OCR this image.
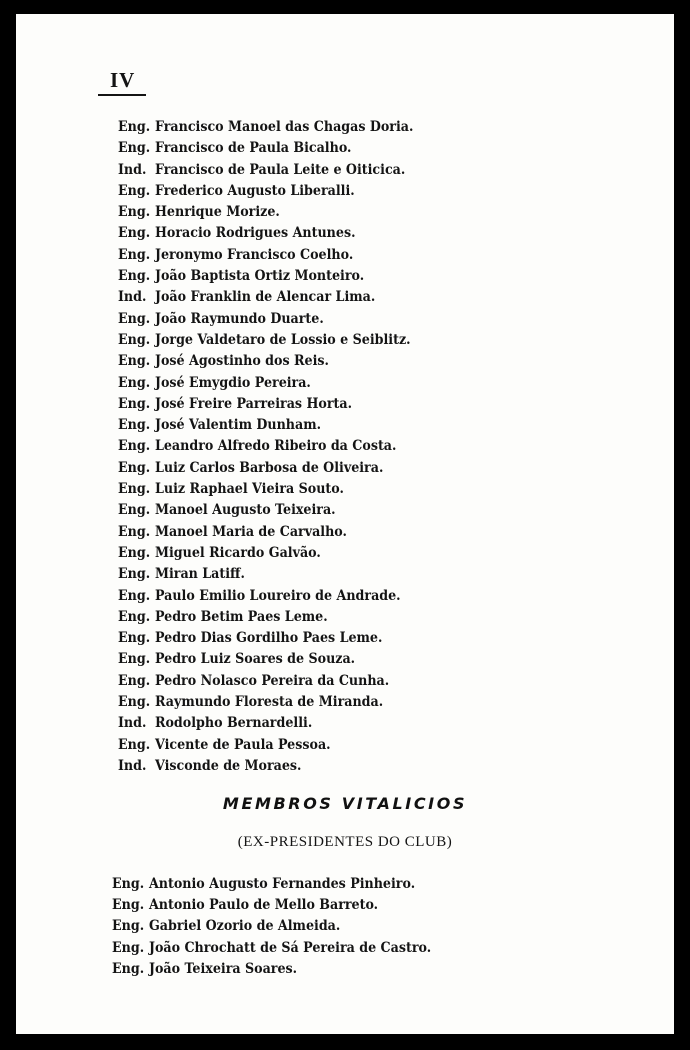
IV
Eng. Francisco Manoel das Chagas Doria.
Eng. Francisco de Paula Bicalho.
Ind. Francisco de Paula Leite e Oiticica.
Eng. Frederico Augusto Liberalli.
Eng. Henrique Morize.
Eng. Horacio Rodrigues Antunes.
Eng. Jeronymo Francisco Coelho.
Eng. João Baptista Ortiz Monteiro.
Ind. João Franklin de Alencar Lima.
Eng. João Raymundo Duarte.
Eng. Jorge Valdetaro de Lossio e Seiblitz.
Eng. José Agostinho dos Reis.
Eng. José Emygdio Pereira.
Eng. José Freire Parreiras Horta.
Eng. José Valentim Dunham.
Eng. Leandro Alfredo Ribeiro da Costa.
Eng. Luiz Carlos Barbosa de Oliveira.
Eng. Luiz Raphael Vieira Souto.
Eng. Manoel Augusto Teixeira.
Eng. Manoel Maria de Carvalho.
Eng. Miguel Ricardo Galvão.
Eng. Miran Latiff.
Eng. Paulo Emilio Loureiro de Andrade.
Eng. Pedro Betim Paes Leme.
Eng. Pedro Dias Gordilho Paes Leme.
Eng. Pedro Luiz Soares de Souza.
Eng. Pedro Nolasco Pereira da Cunha.
Eng. Raymundo Floresta de Miranda.
Ind. Rodolpho Bernardelli.
Eng. Vicente de Paula Pessoa.
Ind. Visconde de Moraes.
MEMBROS VITALICIOS
(EX-PRESIDENTES DO CLUB)
Eng. Antonio Augusto Fernandes Pinheiro.
Eng. Antonio Paulo de Mello Barreto.
Eng. Gabriel Ozorio de Almeida.
Eng. João Chrochatt de Sá Pereira de Castro.
Eng. João Teixeira Soares.
